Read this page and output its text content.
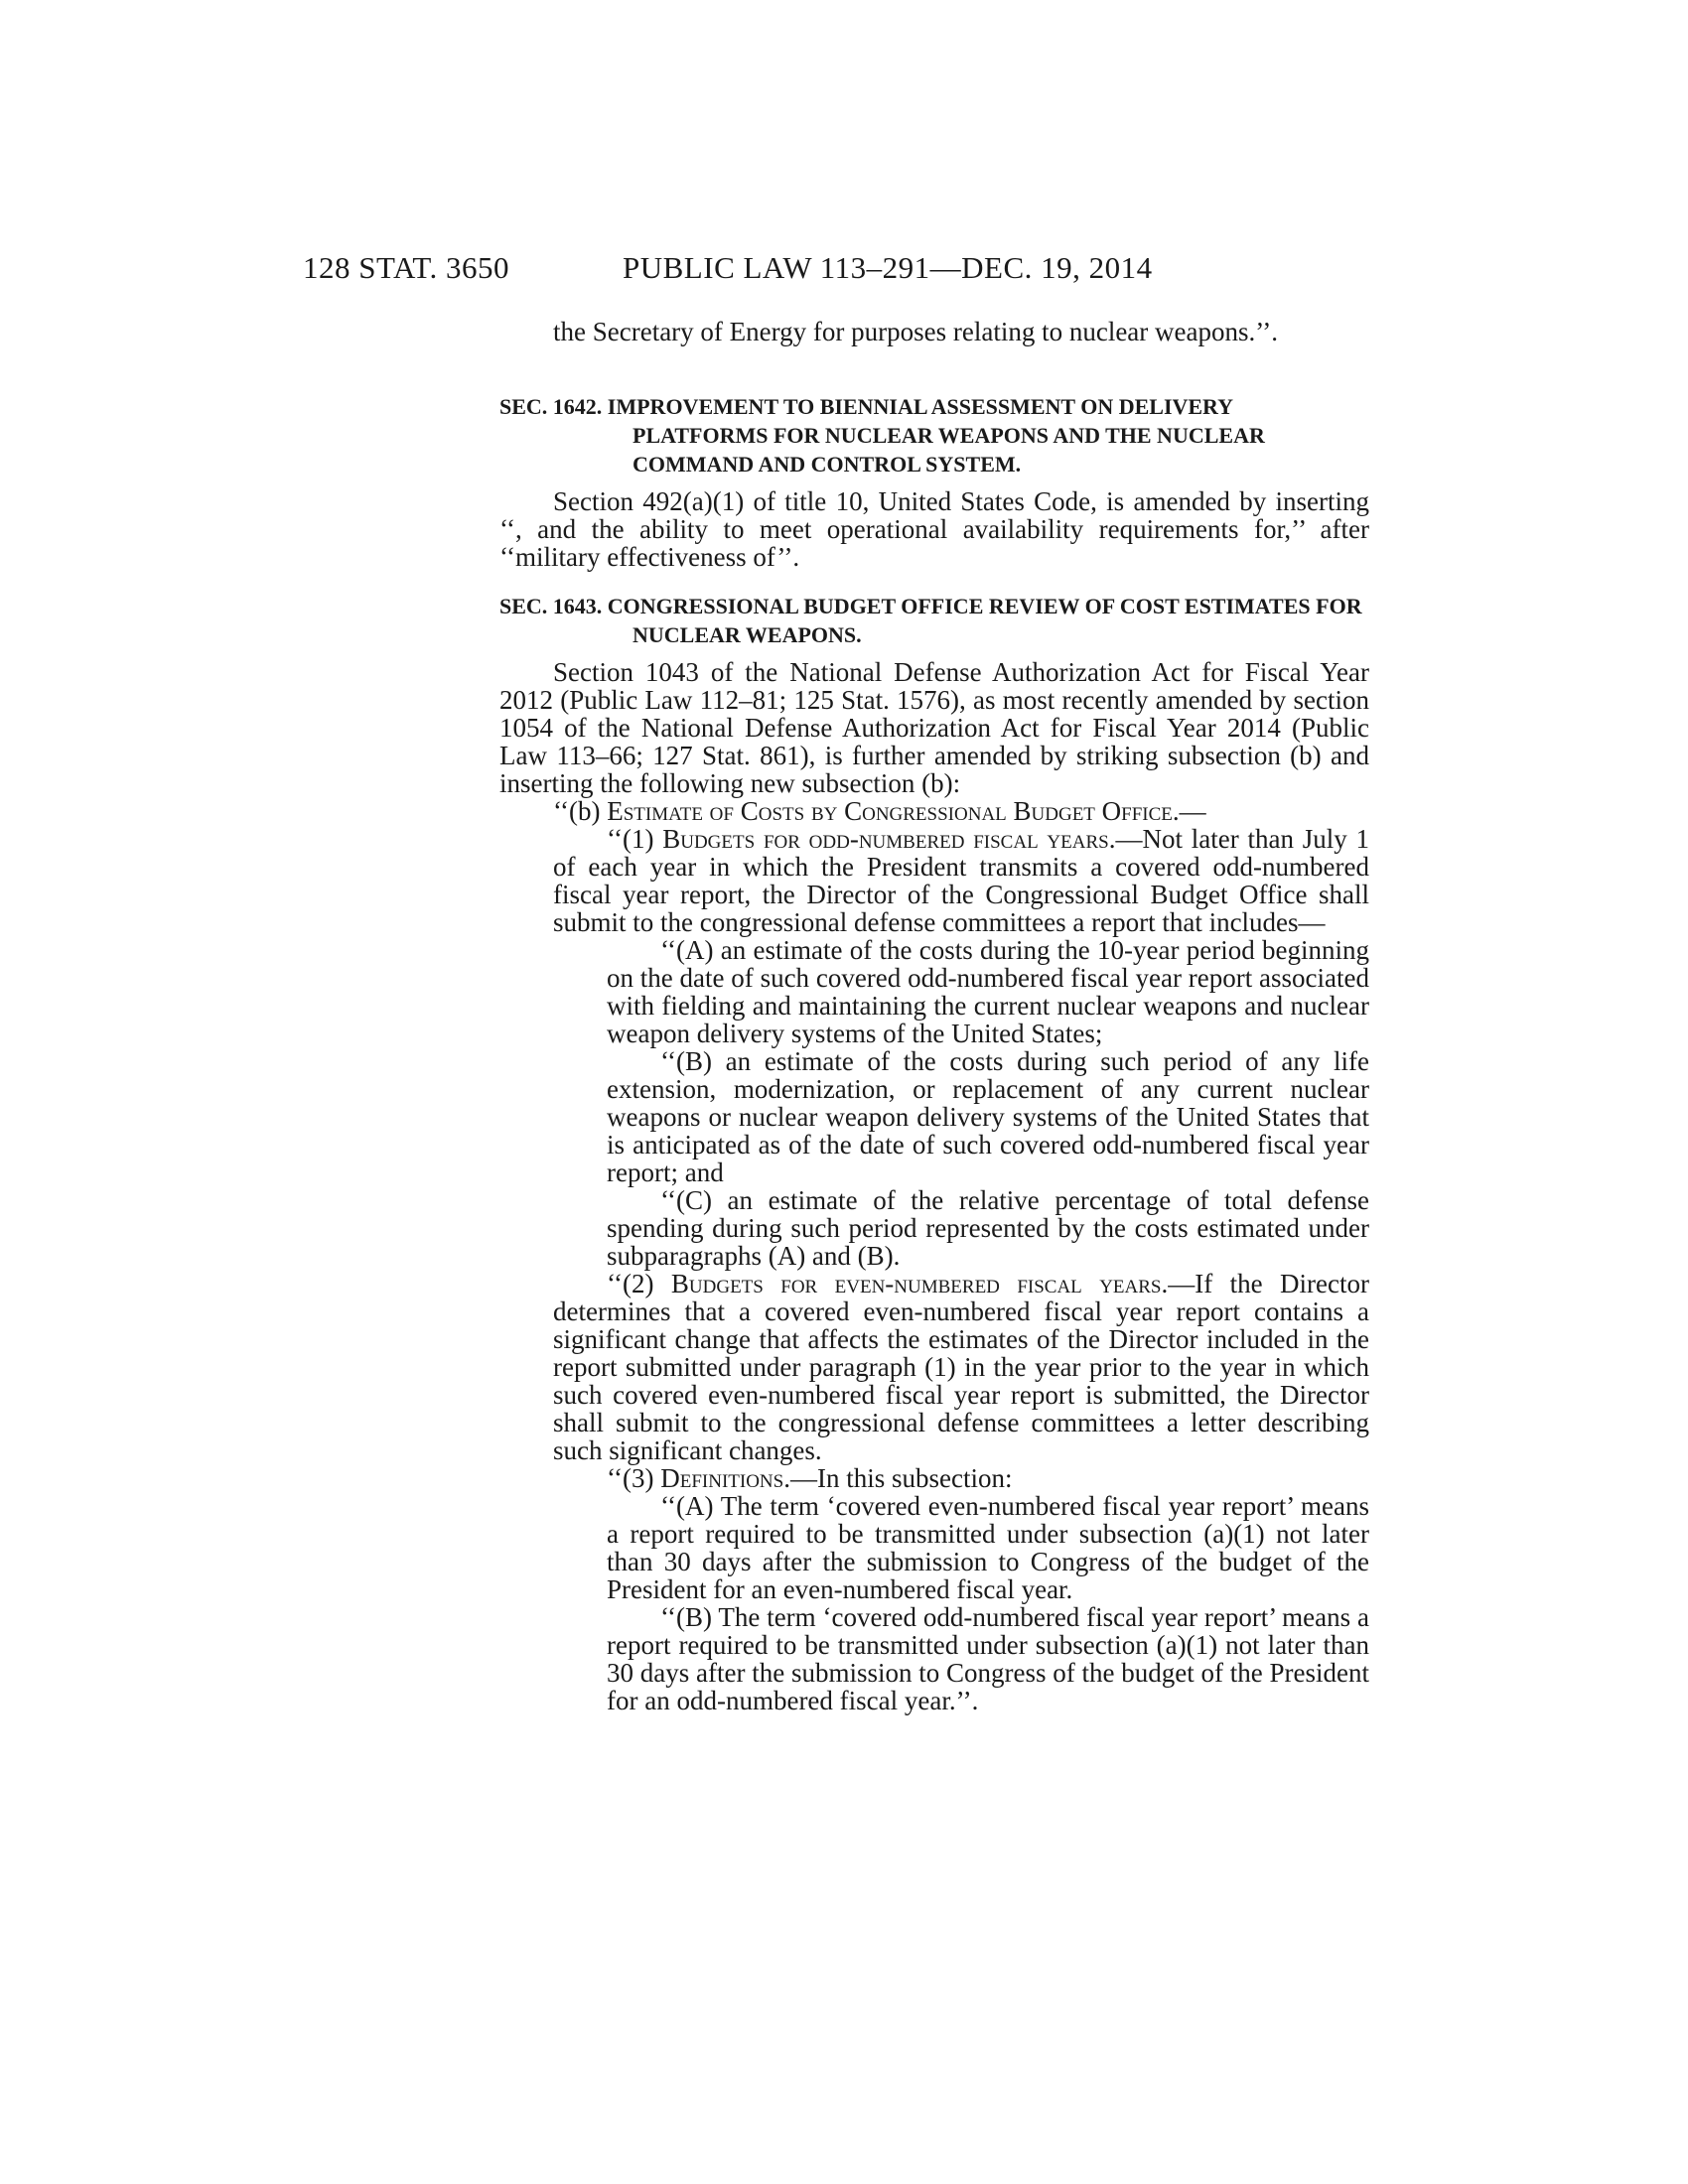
128 STAT. 3650	PUBLIC LAW 113–291—DEC. 19, 2014

the Secretary of Energy for purposes relating to nuclear weapons.’’.

SEC. 1642. IMPROVEMENT TO BIENNIAL ASSESSMENT ON DELIVERY PLATFORMS FOR NUCLEAR WEAPONS AND THE NUCLEAR COMMAND AND CONTROL SYSTEM.

Section 492(a)(1) of title 10, United States Code, is amended by inserting ‘‘, and the ability to meet operational availability requirements for,’’ after ‘‘military effectiveness of’’.

SEC. 1643. CONGRESSIONAL BUDGET OFFICE REVIEW OF COST ESTIMATES FOR NUCLEAR WEAPONS.

Section 1043 of the National Defense Authorization Act for Fiscal Year 2012 (Public Law 112–81; 125 Stat. 1576), as most recently amended by section 1054 of the National Defense Authorization Act for Fiscal Year 2014 (Public Law 113–66; 127 Stat. 861), is further amended by striking subsection (b) and inserting the following new subsection (b):

‘‘(b) Estimate of Costs by Congressional Budget Office.—

‘‘(1) Budgets for odd-numbered fiscal years.—Not later than July 1 of each year in which the President transmits a covered odd-numbered fiscal year report, the Director of the Congressional Budget Office shall submit to the congressional defense committees a report that includes—

‘‘(A) an estimate of the costs during the 10-year period beginning on the date of such covered odd-numbered fiscal year report associated with fielding and maintaining the current nuclear weapons and nuclear weapon delivery systems of the United States;

‘‘(B) an estimate of the costs during such period of any life extension, modernization, or replacement of any current nuclear weapons or nuclear weapon delivery systems of the United States that is anticipated as of the date of such covered odd-numbered fiscal year report; and

‘‘(C) an estimate of the relative percentage of total defense spending during such period represented by the costs estimated under subparagraphs (A) and (B).

‘‘(2) Budgets for even-numbered fiscal years.—If the Director determines that a covered even-numbered fiscal year report contains a significant change that affects the estimates of the Director included in the report submitted under paragraph (1) in the year prior to the year in which such covered even-numbered fiscal year report is submitted, the Director shall submit to the congressional defense committees a letter describing such significant changes.

‘‘(3) Definitions.—In this subsection:

‘‘(A) The term ‘covered even-numbered fiscal year report’ means a report required to be transmitted under subsection (a)(1) not later than 30 days after the submission to Congress of the budget of the President for an even-numbered fiscal year.

‘‘(B) The term ‘covered odd-numbered fiscal year report’ means a report required to be transmitted under subsection (a)(1) not later than 30 days after the submission to Congress of the budget of the President for an odd-numbered fiscal year.’’.
